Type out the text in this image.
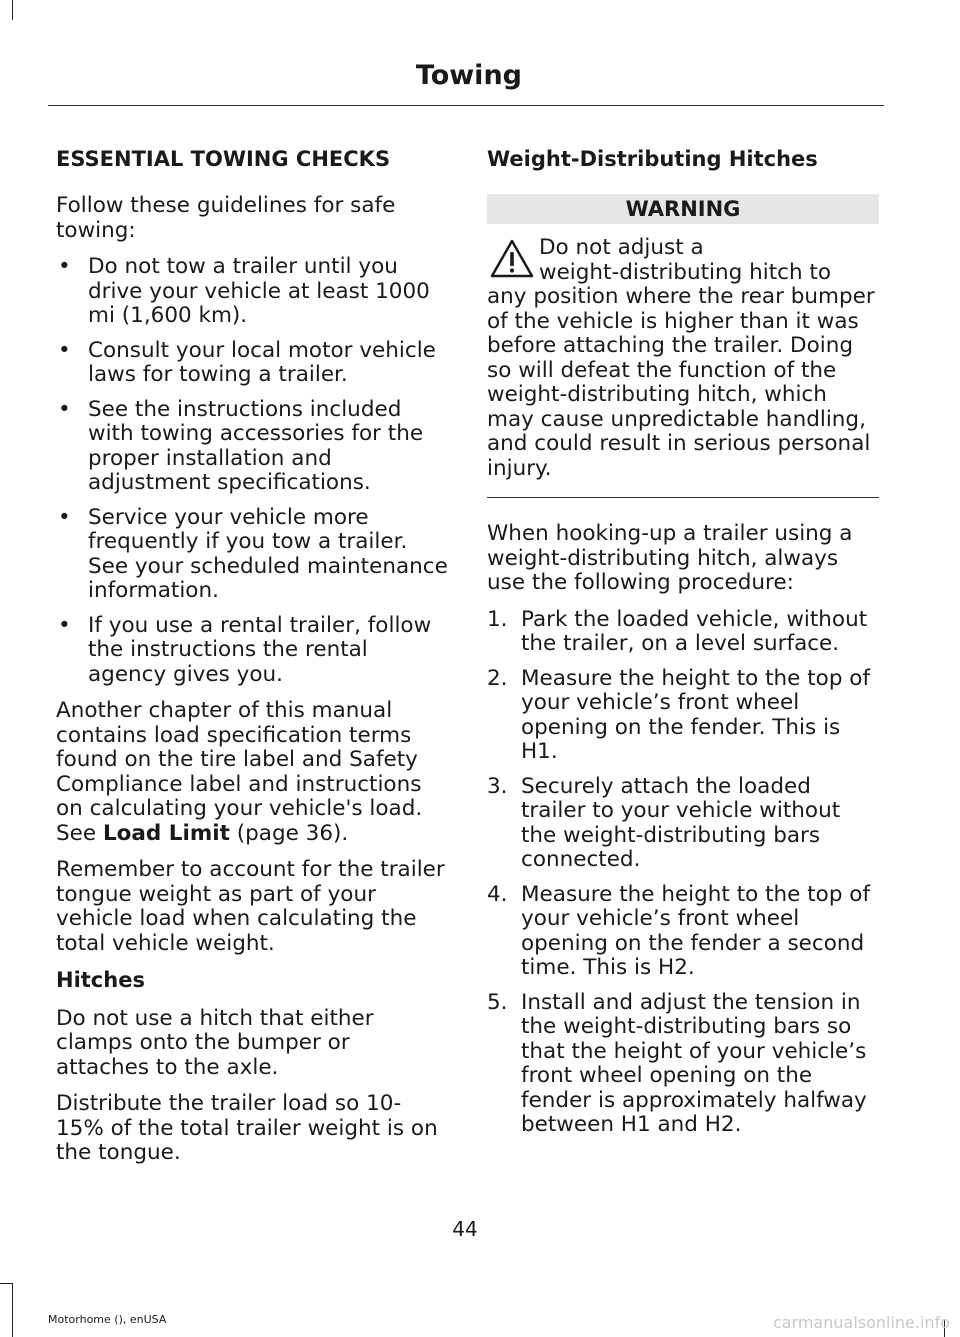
Towing
ESSENTIAL TOWING CHECKS

Follow these guidelines for safe towing:

• Do not tow a trailer until you drive your vehicle at least 1000 mi (1,600 km).
• Consult your local motor vehicle laws for towing a trailer.
• See the instructions included with towing accessories for the proper installation and adjustment specifications.
• Service your vehicle more frequently if you tow a trailer. See your scheduled maintenance information.
• If you use a rental trailer, follow the instructions the rental agency gives you.

Another chapter of this manual contains load specification terms found on the tire label and Safety Compliance label and instructions on calculating your vehicle's load. See Load Limit (page 36).

Remember to account for the trailer tongue weight as part of your vehicle load when calculating the total vehicle weight.

Hitches

Do not use a hitch that either clamps onto the bumper or attaches to the axle.

Distribute the trailer load so 10-15% of the total trailer weight is on the tongue.

Weight-Distributing Hitches
WARNING
Do not adjust a
weight-distributing hitch to
any position where the rear bumper of the vehicle is higher than it was before attaching the trailer. Doing so will defeat the function of the weight-distributing hitch, which may cause unpredictable handling, and could result in serious personal injury.

When hooking-up a trailer using a weight-distributing hitch, always use the following procedure:

1. Park the loaded vehicle, without the trailer, on a level surface.
2. Measure the height to the top of your vehicle’s front wheel opening on the fender. This is H1.
3. Securely attach the loaded trailer to your vehicle without the weight-distributing bars connected.
4. Measure the height to the top of your vehicle’s front wheel opening on the fender a second time. This is H2.
5. Install and adjust the tension in the weight-distributing bars so that the height of your vehicle’s front wheel opening on the fender is approximately halfway between H1 and H2.
44
Motorhome (), enUSA	carmanualsonline.info
